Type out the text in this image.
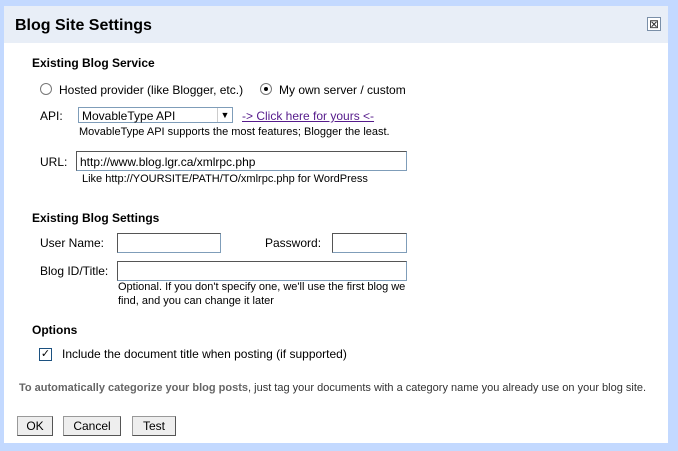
Blog Site Settings	⊠
Existing Blog Service
Hosted provider (like Blogger, etc.)	My own server / custom
API: MovableType API	▼ -> Click here for yours <-
MovableType API supports the most features; Blogger the least.
URL: http://www.blog.lgr.ca/xmlrpc.php
Like http://YOURSITE/PATH/TO/xmlrpc.php for WordPress
Existing Blog Settings
User Name:	Password:
Blog ID/Title:
Optional. If you don't specify one, we'll use the first blog we
find, and you can change it later
Options
✓ Include the document title when posting (if supported)
To automatically categorize your blog posts, just tag your documents with a category name you already use on your blog site.
OK	Cancel	Test
